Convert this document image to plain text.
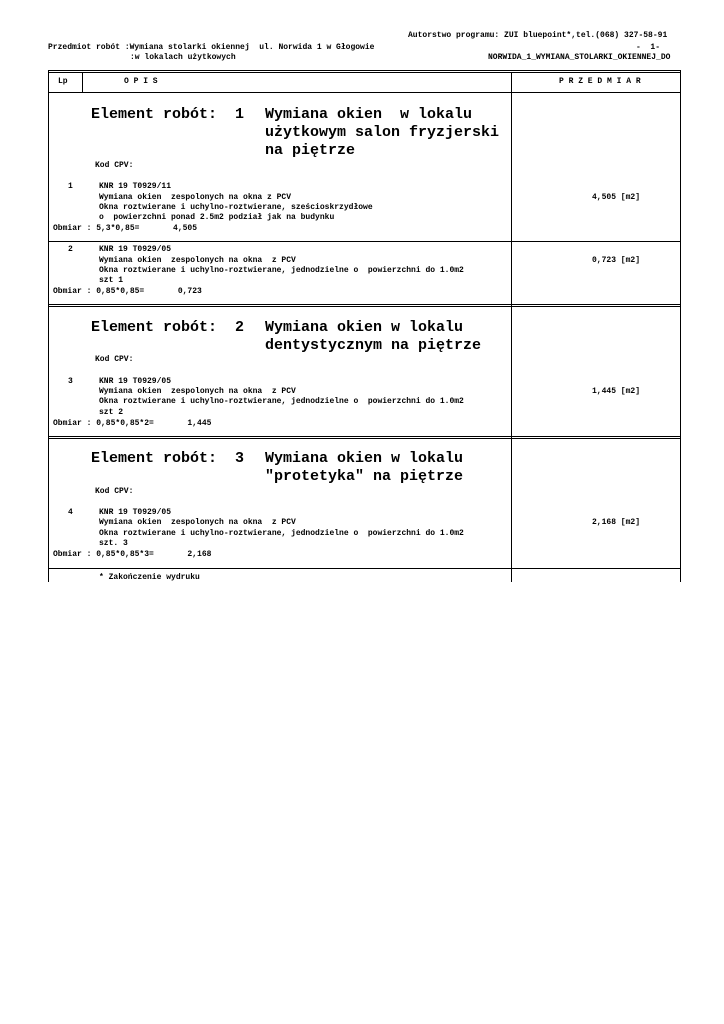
Autorstwo programu: ZUI bluepoint*,tel.(068) 327-58-91
Przedmiot robót :Wymiana stolarki okiennej  ul. Norwida 1 w Głogowie	-  1-
:w lokalach użytkowych	NORWIDA_1_WYMIANA_STOLARKI_OKIENNEJ_DO
Lp	O P I S	P R Z E D M I A R
Element robót:  1 Wymiana okien  w lokalu
użytkowym salon fryzjerski
na piętrze
Kod CPV:
1	KNR 19 T0929/11
Wymiana okien  zespolonych na okna z PCV
Okna roztwierane i uchylno-roztwierane, sześcioskrzydłowe
o  powierzchni ponad 2.5m2 podział jak na budynku
Obmiar : 5,3*0,85=       4,505
4,505 [m2]
2	KNR 19 T0929/05
Wymiana okien  zespolonych na okna  z PCV
Okna roztwierane i uchylno-roztwierane, jednodzielne o  powierzchni do 1.0m2
szt 1
Obmiar : 0,85*0,85=       0,723
0,723 [m2]
Element robót:  2 Wymiana okien w lokalu
dentystycznym na piętrze
Kod CPV:
3	KNR 19 T0929/05
Wymiana okien  zespolonych na okna  z PCV
Okna roztwierane i uchylno-roztwierane, jednodzielne o  powierzchni do 1.0m2
szt 2
Obmiar : 0,85*0,85*2=       1,445
1,445 [m2]
Element robót:  3 Wymiana okien w lokalu
"protetyka" na piętrze
Kod CPV:
4	KNR 19 T0929/05
Wymiana okien  zespolonych na okna  z PCV
Okna roztwierane i uchylno-roztwierane, jednodzielne o  powierzchni do 1.0m2
szt. 3
Obmiar : 0,85*0,85*3=       2,168
2,168 [m2]
* Zakończenie wydruku
